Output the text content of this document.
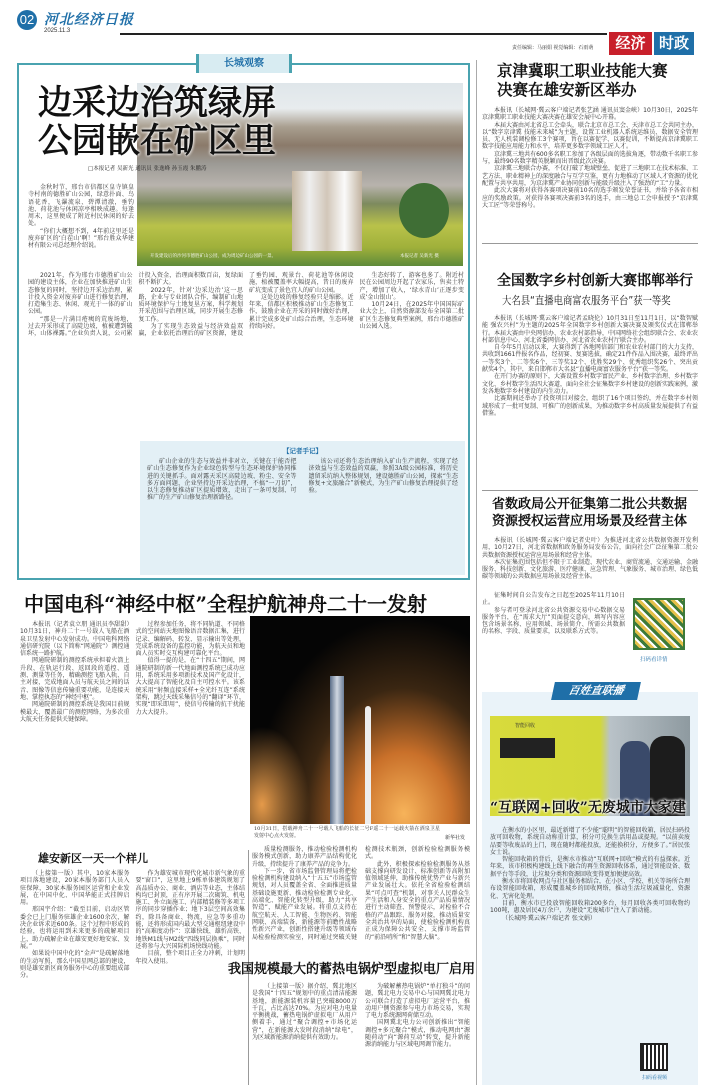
02 河北经济日报
2025.11.3
责任编辑：马丽娟 视觉编辑：石雨萌	经济 时政
长城观察
开发建设后的沙河市德胜矿山公园，成为周边矿山公园的一景。	本报记者 吴新光 摄
边采边治筑绿屏
公园嵌在矿区里
□本报记者 吴新光 通讯员 张逸峰 孙玉霞 朱鹏涛

金秋时节，邢台市信都区皇寺镇皇寺村南的德胜矿山公园，绿意扑面、鸟语花香，飞瀑流泉、碧潭清澈，垂钓池、荷花池与休闲凉亭相映成趣。每逢周末，这里便成了附近村民休闲的好去处。

“你们大概想不到，4年前这里还是废弃矿区的‘白茬山’啊！”邢台胜众华建材有限公司总经理介绍说。

2021年，作为邢台市德胜矿山公园的建设主体，企业在加快推进矿山生态修复的同时，坚持边开采边治理，累计投入资金对废弃矿山进行修复治理，打造集生态、休闲、观光于一体的矿山公园。

“那是一片满目疮痍的荒废场地，过去开采形成了高陡边坡，植被遭到破坏，山体裸露。”企业负责人说，公司累计投入资金，治理面积数百亩，复绿面积不断扩大。

2022年，针对‘边采边治’这一思路，企业与专业团队合作，编制矿山地质环境保护与土地复垦方案，科学规划开采范围与治理区域，同步开展生态修复工作。

为了实现生态效益与经济效益双赢，企业依托治理后的矿区资源，建设了垂钓园、观景台、荷花池等休闲设施，植被覆盖率大幅提高，昔日的废弃矿坑变成了景色宜人的矿山公园。

这处边坡的修复经验只是缩影。近年来，信都区积极推动矿山生态修复工作，鼓励企业在开采的同时做好治理，累计完成多处矿山综合治理，生态环境持续向好。

生态好转了，游客也多了。附近村民在公园周边开起了农家乐，售卖土特产，增加了收入，‘绿水青山’正逐步变成‘金山银山’。

10月24日，在2025年中国国际矿业大会上，自然资源部发布全国第二批矿区生态修复典型案例，邢台市德胜矿山公园入选。

【记者手记】

矿山企业的生态与效益并非对立，关键在于能否把矿山生态修复作为企业绿色转型与生态环境保护协同推进的关键抓手。面对露天采区高陡边坡、粉尘、安全等多方面问题，企业坚持边开采边治理，不搞“一刀切”，以生态修复推动矿区提质增效，走出了一条可复制、可推广的生产矿山修复治理新路径。

该公司还将生态治理纳入矿山生产流程，实现了经济效益与生态效益的双赢，参照3A级公园标准，将历史遗留采坑纳入整体规划，建设德胜矿山公园，探索“生态修复+文旅融合”新模式，为生产矿山修复治理提供了经验。

中国电科“神经中枢”全程护航神舟二十一发射

本报讯（记者袁立朋 通讯员李甜甜）10月31日，神舟二十一号载人飞船在酒泉卫星发射中心发射成功。中国电科网络通信研究院（以下简称“网通院”）测控通信系统一路护航。

网通院研制的测控系统承担着火箭上升段、在轨运行段、返回段的遥控、遥测、测量等任务，精确测控飞船入轨、自主对接，完成地面人员与航天员之间的话音、图像等信息传输重要功能，是连接天地、掌控执态的“神经中枢”。

网通院研制的测控系统是我国目前规模最大、覆盖最广的测控网络，为多次重大航天任务提供关键保障。

过程参加任务，将不同轨道、不同格式的空间站天地图像语音数据汇集，进行记录、编解码、转发、显示输出等处理，完成系统设备的监控功能，为航天员和地面人员实时交互构建可靠化平台。

值得一提的是，在“十四五”期间，网通院研制的新一代地面测控系统已成功应用，系统采用多项新技术及国产化设计，大大提高了智能化及自主可控水平。该系统采用“射频直接采样+全光纤互连”系统架构，跳过天线采集信号的“翻译”环节，实现“即采即用”，使信号传输的抗干扰能力大大提升。

10月31日，搭载神舟二十一号载人飞船的长征二号F遥二十一运载火箭在酒泉卫星发射中心点火发射。	新华社发
雄安新区一天一个样儿

（上接第一版）其中，10家本服务项目落地建设，20家本服务部门人员入驻保障，30家本服务园区运营和企业发展，在中国中化、中国华能正式挂牌启用。

邢国宇介绍：“截至目前，启动区管委会已上门服务驻雄企业1600余次，解决企业诉求近600条。这个过程中形成的经验，也将运用到未来更多的疏解项目上，助力疏解企业在雄安更好地安家、发展。”

如果说中国中化的“金声”是疏解落地的生动写照，那么中国星网总部的建设，则是雄安新区商务服务中心的重要组成部分。

作为雄安城市现代化城市新气象的重要“窗口”，这里地上9栋单体建筑规划了高品质办公、商业、酒店等业态，主体结构均已封顶，正有序开展二次砌筑、机电施工、外立面施工、内部精装修等多项工序的同步穿插作业；地下3层空间高效集约，除具备商业、物流、应急等多重功能，还将形成国内最大型交通枢纽建设中的“高难度动作”：京雄快线、雄忻高铁、地铁M1线与M2线“四线同层换乘”，同时还将参与大兴国际机场快线功能。

目前，整个项目正全力冲刺，计划明年投入使用。

质量检测服务，推动检验检测机构服务模式创新，助力康养产品结构优化升级，持续提升了康养产品的竞争力。

下一步，省市场监督管理局将把检验检测机构建设纳入“十五五”市场监管规划，对人员覆盖全省、全面推进质量基础设施更新、推动检验检测专业化、高端化、智能化转型升级，助力“共享智造”，赋能产业发展。将重点支持在航空航天、人工智能、生物医药、智能网联、高端装备、新能源等前瞻性战略性新兴产业，创新性搭建升级等领域布局检验检测实验室，同时通过突破关键检测技术瓶颈，创新检验检测服务模式。

此外，积极探索检验检测服务从基础支撑向研发设计、标准创新等高附加值领域延伸，助推传统优势产业与新兴产业发展壮大。依托全省检验检测结果“可点可查”机制，对事关人民群众生产生活和人身安全的重点产品质量情况进行主动筛查、预警提示，对检验不合格的产品跟踪、服务对接，推动质量安全共治共享的局面，使检验检测机构真正成为保障公共安全、支撑市场监管的“前沿哨所”和“智慧大脑”。

我国规模最大的蓄热电锅炉型虚拟电厂启用

（上接第一版）据介绍，冀北地区是我国“十四五”规划中的重点清洁能源基地，新能源装机容量已突破8000万千瓦，占比高达70%。为应对电力电量平衡挑战，蓄热电锅炉虚拟电厂从用户侧着手，通过“聚合调控+市场化运营”，在新能源大发时段消纳“绿电”，为区域新能源消纳提供有效助力。

为破解蓄热电锅炉“单打独斗”的问题，冀北电力交易中心与国网冀北电力公司联合打造了虚拟电厂运营平台，推动用户侧资源参与电力市场交易，实现了电力系统源网荷储互动。

国网冀北电力公司创新推出“智能调控+多元聚合”模式，推动电网由“源随荷动”向“源荷互动”转变，提升新能源消纳能力与区域电网调节能力。

京津冀职工职业技能大赛
决赛在雄安新区举办

本报讯（长城网·冀云客户端记者张艺涵 通讯员窦金峡）10月30日，2025年京津冀职工职业技能大赛决赛在雄安会展中心开幕。

本届大赛由河北省总工会牵头，联合北京市总工会、天津市总工会共同主办，以“数字京津冀 技能未来城”为主题，设置工业机器人系统运维员、数据安全管理员、无人机装调检修工3个赛项，旨在以赛促学、以赛促训，不断提高京津冀职工数字技能应用能力和水平，培养更多数字领域工匠人才。

京津冀三地共有600多名职工参加了各级层面的选拔角逐，带动数千名职工参与，最终90名数字精英脱颖而出晋级此次决赛。

京津冀三地联合办赛，不仅打破了地域壁垒，促进了三地职工在技术标准、工艺方法、职业精神上的深度融合与互学互鉴，更有力地推动了区域人才资源的优化配置与共享共用，为京津冀产业协同创新与能级升级注入了强劲的“工”力量。

此次大赛将对获得各赛项决赛前10名的选手颁发荣誉证书，并给予各省市相应的奖励政策。对获得各赛项决赛前3名的选手，由三地总工会申报授予“京津冀大工匠”等荣誉称号。

全国数字乡村创新大赛邯郸举行
大名县“直播电商富农服务平台”获一等奖

本报讯（长城网·冀云客户端记者孟晓伦）10月31日至11月1日，以“数智赋能 强农兴村”为主题的2025年全国数字乡村创新大赛决赛及颁奖仪式在邯郸举行。本届大赛由中央网信办、农业农村部指导，中国网络社会组织联合会、农业农村部信息中心、河北省委网信办、河北省农业农村厅联合主办。

自今年5月启动以来，大赛得到了各地网信部门和农业农村部门的大力支持，共收到1661件报名作品，经初赛、复赛选拔，确定21件作品入围决赛，最终评出一等奖3个、二等奖6个、三等奖12个、优胜奖29个、优秀组织奖26个、突出贡献奖4个。其中，来自邯郸市大名县“直播电商富农服务平台”获一等奖。

在开门办赛的原则下，大赛设置乡村数字富民产业、乡村数字治理、乡村数字文化、乡村数字生活四大赛道，面向全社会征集数字乡村建设的创新实践案例，激发各地数字乡村建设的内生动力。

比赛期间还举办了投资项目对接会，组织了16个项目签约，并在数字乡村领域形成了一批可复制、可推广的创新成果，为推动数字乡村高质量发展提供了有益借鉴。

省数政局公开征集第二批公共数据
资源授权运营应用场景及经营主体

本报讯（长城网·冀云客户端记者史叶）为推进河北省公共数据资源开发利用，10月27日，河北省数据和政务服务局发布公告，面向社会广泛征集第二批公共数据资源授权运营应用场景和经营主体。

本次征集范围包括但不限于工业制造、现代农业、商贸流通、交通运输、金融服务、科技创新、文化旅游、医疗健康、应急管理、气象服务、城市治理、绿色低碳等领域的公共数据应用场景及经营主体。

征集时间自公告发布之日起至2025年11月10日止。

参与者可登录河北省公共资源交易中心数据交易服务平台，在“需求大厅”页面提交意向，填写内容应包含场景名称、应用领域、场景简介、所需公共数据的名称、字段、质量要求，以及联系方式等。

扫码看详情
百姓直联播
智能回收
“互联网+回收”无废城市大家建

在衡水的小区里，最近新增了不少能“聪明”的智能回收箱，居民扫码投放可回收物，系统自动称重计算，积分可兑换生活用品或提现。“以前卖废品要等收废品的上门，现在随时都能投放，还能换积分，方便多了。”居民张女士说。

智能回收箱的背后，是衡水市推动“互联网+回收”模式的有益探索。近年来，该市积极构建线上线下融合的再生资源回收体系，通过智能设备、数据平台等手段，让垃圾分类和资源回收变得更加便捷高效。

衡水市将回收网点与社区服务相结合，在小区、学校、机关等场所合理布设智能回收箱，形成覆盖城乡的回收网络，推动生活垃圾减量化、资源化、无害化处理。

目前，衡水市已投放智能回收箱200多台，每月回收各类可回收物约100吨，惠及居民4万余户，为建设“无废城市”注入了新动能。

（长城网·冀云客户端记者 张文娟）

扫码看视频
